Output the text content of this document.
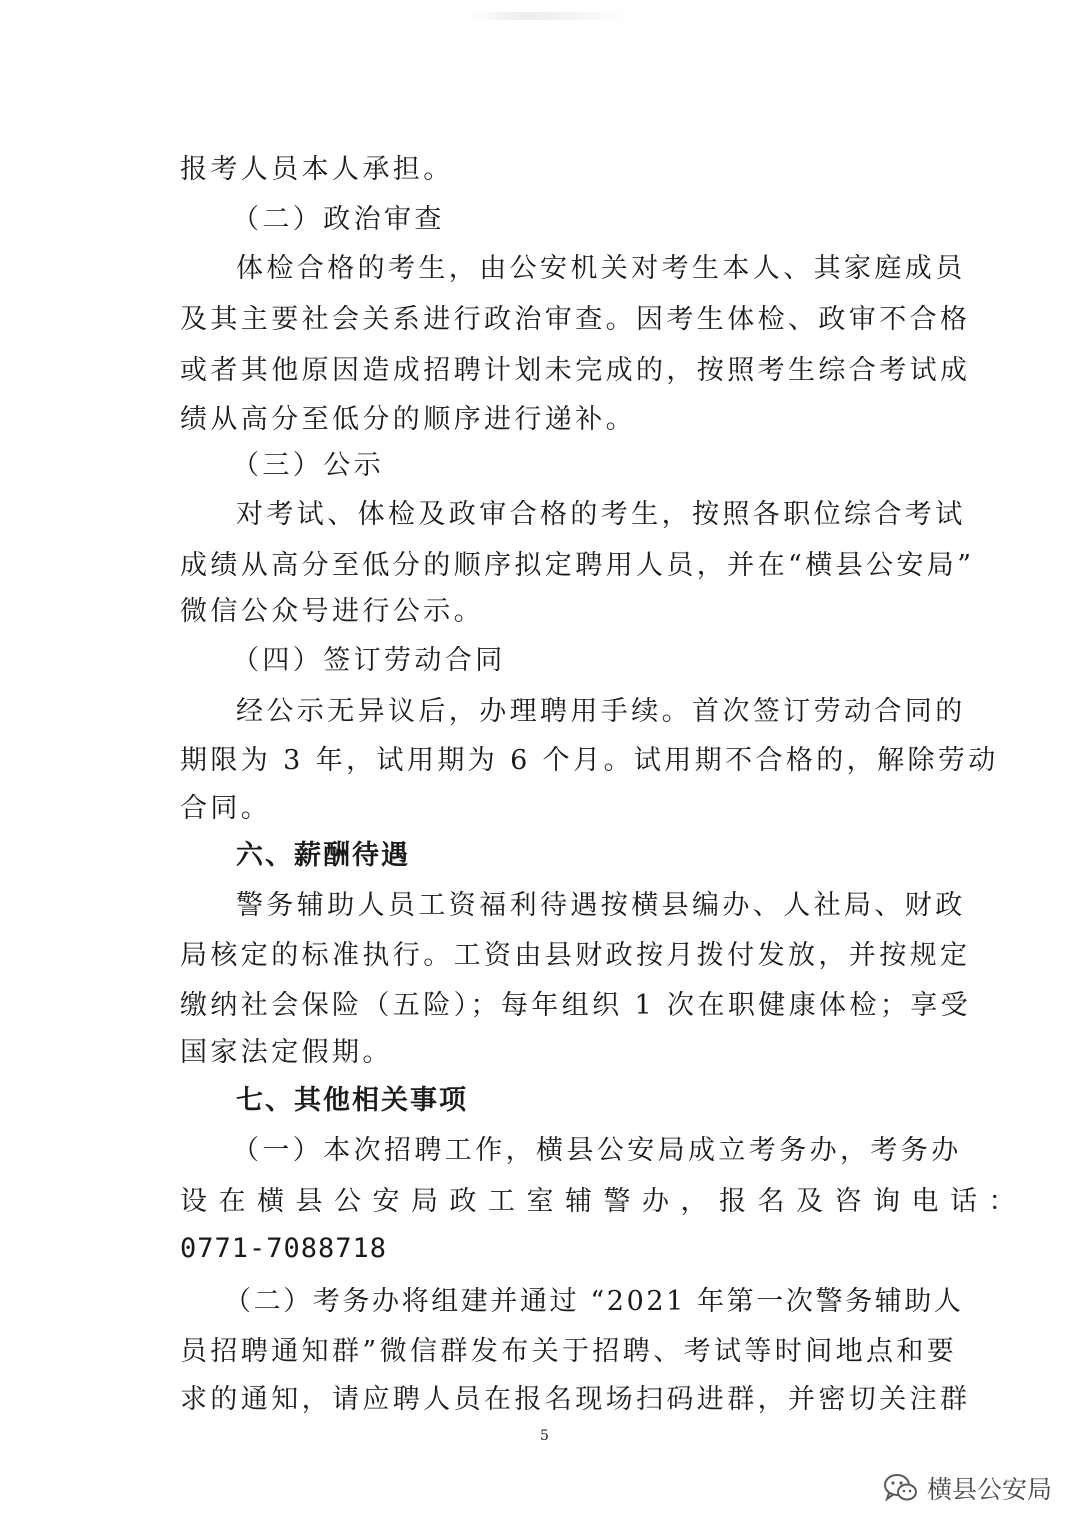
报考人员本人承担。

（二）政治审查

体检合格的考生，由公安机关对考生本人、其家庭成员

及其主要社会关系进行政治审查。因考生体检、政审不合格

或者其他原因造成招聘计划未完成的，按照考生综合考试成

绩从高分至低分的顺序进行递补。

（三）公示

对考试、体检及政审合格的考生，按照各职位综合考试

成绩从高分至低分的顺序拟定聘用人员，并在“横县公安局”

微信公众号进行公示。

（四）签订劳动合同

经公示无异议后，办理聘用手续。首次签订劳动合同的

期限为 3 年，试用期为 6 个月。试用期不合格的，解除劳动

合同。

六、薪酬待遇

警务辅助人员工资福利待遇按横县编办、人社局、财政

局核定的标准执行。工资由县财政按月拨付发放，并按规定

缴纳社会保险（五险）；每年组织 1 次在职健康体检；享受

国家法定假期。

七、其他相关事项

（一）本次招聘工作，横县公安局成立考务办，考务办

设在横县公安局政工室辅警办，报名及咨询电话：

0771-7088718

（二）考务办将组建并通过 “2021 年第一次警务辅助人

员招聘通知群”微信群发布关于招聘、考试等时间地点和要

求的通知，请应聘人员在报名现场扫码进群，并密切关注群

5
横县公安局
